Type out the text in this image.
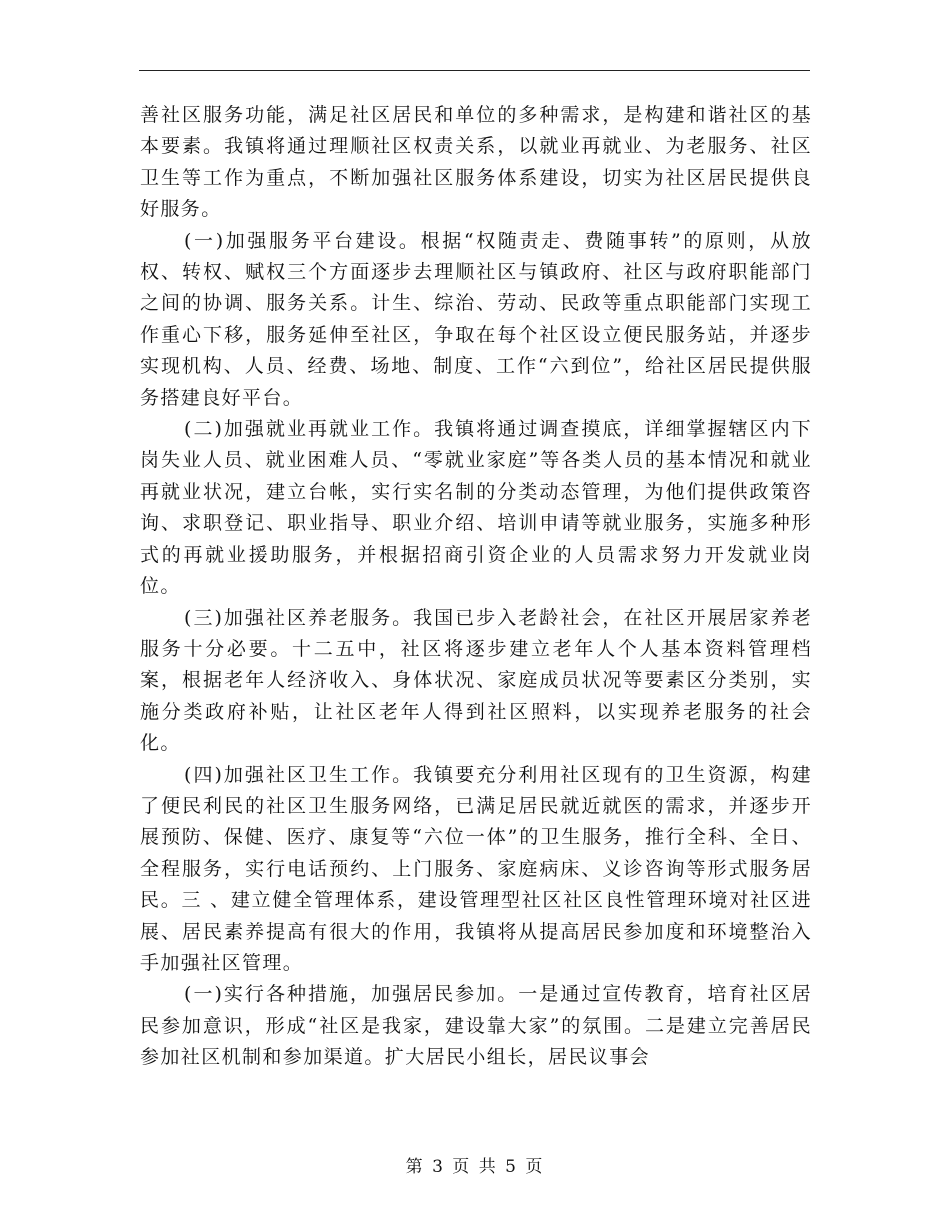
善社区服务功能，满足社区居民和单位的多种需求，是构建和谐社区的基本要素。我镇将通过理顺社区权责关系，以就业再就业、为老服务、社区卫生等工作为重点，不断加强社区服务体系建设，切实为社区居民提供良好服务。

(一)加强服务平台建设。根据“权随责走、费随事转”的原则，从放权、转权、赋权三个方面逐步去理顺社区与镇政府、社区与政府职能部门之间的协调、服务关系。计生、综治、劳动、民政等重点职能部门实现工作重心下移，服务延伸至社区，争取在每个社区设立便民服务站，并逐步实现机构、人员、经费、场地、制度、工作“六到位”，给社区居民提供服务搭建良好平台。

(二)加强就业再就业工作。我镇将通过调查摸底，详细掌握辖区内下岗失业人员、就业困难人员、“零就业家庭”等各类人员的基本情况和就业再就业状况，建立台帐，实行实名制的分类动态管理，为他们提供政策咨询、求职登记、职业指导、职业介绍、培训申请等就业服务，实施多种形式的再就业援助服务，并根据招商引资企业的人员需求努力开发就业岗位。

(三)加强社区养老服务。我国已步入老龄社会，在社区开展居家养老服务十分必要。十二五中，社区将逐步建立老年人个人基本资料管理档案，根据老年人经济收入、身体状况、家庭成员状况等要素区分类别，实施分类政府补贴，让社区老年人得到社区照料，以实现养老服务的社会化。

(四)加强社区卫生工作。我镇要充分利用社区现有的卫生资源，构建了便民利民的社区卫生服务网络，已满足居民就近就医的需求，并逐步开展预防、保健、医疗、康复等“六位一体”的卫生服务，推行全科、全日、全程服务，实行电话预约、上门服务、家庭病床、义诊咨询等形式服务居民。三 、建立健全管理体系，建设管理型社区社区良性管理环境对社区进展、居民素养提高有很大的作用，我镇将从提高居民参加度和环境整治入手加强社区管理。

(一)实行各种措施，加强居民参加。一是通过宣传教育，培育社区居民参加意识，形成“社区是我家，建设靠大家”的氛围。二是建立完善居民参加社区机制和参加渠道。扩大居民小组长，居民议事会

第 3 页 共 5 页
